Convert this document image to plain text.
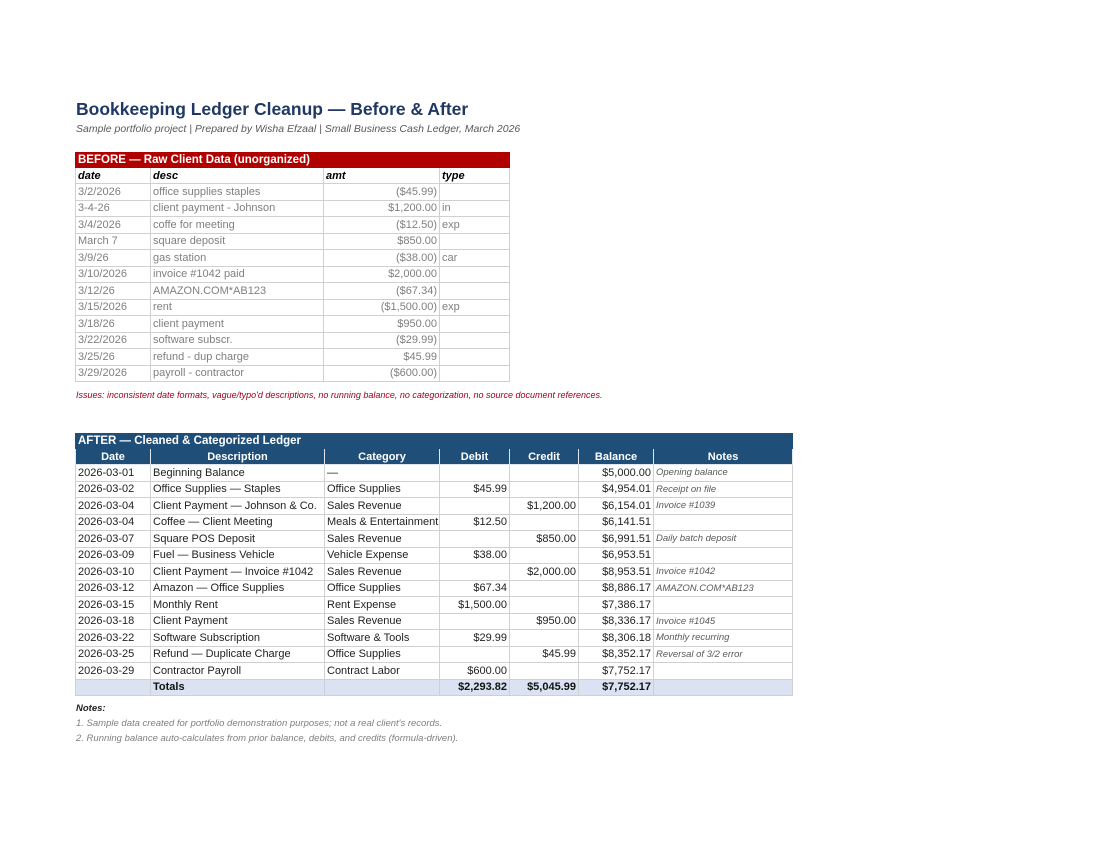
Bookkeeping Ledger Cleanup — Before & After
Sample portfolio project | Prepared by Wisha Efzaal | Small Business Cash Ledger, March 2026
BEFORE — Raw Client Data (unorganized)			
date	desc	amt	type
3/2/2026	office supplies staples	($45.99)	
3-4-26	client payment - Johnson	$1,200.00	in
3/4/2026	coffe for meeting	($12.50)	exp
March 7	square deposit	$850.00	
3/9/26	gas station	($38.00)	car
3/10/2026	invoice #1042 paid	$2,000.00	
3/12/26	AMAZON.COM*AB123	($67.34)	
3/15/2026	rent	($1,500.00)	exp
3/18/26	client payment	$950.00	
3/22/2026	software subscr.	($29.99)	
3/25/26	refund - dup charge	$45.99	
3/29/2026	payroll - contractor	($600.00)	
Issues: inconsistent date formats, vague/typo'd descriptions, no running balance, no categorization, no source document references.
AFTER — Cleaned & Categorized Ledger						
Date	Description	Category	Debit	Credit	Balance	Notes
2026-03-01	Beginning Balance	—			$5,000.00	Opening balance
2026-03-02	Office Supplies — Staples	Office Supplies	$45.99		$4,954.01	Receipt on file
2026-03-04	Client Payment — Johnson & Co.	Sales Revenue		$1,200.00	$6,154.01	Invoice #1039
2026-03-04	Coffee — Client Meeting	Meals & Entertainment	$12.50		$6,141.51	
2026-03-07	Square POS Deposit	Sales Revenue		$850.00	$6,991.51	Daily batch deposit
2026-03-09	Fuel — Business Vehicle	Vehicle Expense	$38.00		$6,953.51	
2026-03-10	Client Payment — Invoice #1042	Sales Revenue		$2,000.00	$8,953.51	Invoice #1042
2026-03-12	Amazon — Office Supplies	Office Supplies	$67.34		$8,886.17	AMAZON.COM*AB123
2026-03-15	Monthly Rent	Rent Expense	$1,500.00		$7,386.17	
2026-03-18	Client Payment	Sales Revenue		$950.00	$8,336.17	Invoice #1045
2026-03-22	Software Subscription	Software & Tools	$29.99		$8,306.18	Monthly recurring
2026-03-25	Refund — Duplicate Charge	Office Supplies		$45.99	$8,352.17	Reversal of 3/2 error
2026-03-29	Contractor Payroll	Contract Labor	$600.00		$7,752.17	
	Totals		$2,293.82	$5,045.99	$7,752.17	
Notes:
1. Sample data created for portfolio demonstration purposes; not a real client's records.
2. Running balance auto-calculates from prior balance, debits, and credits (formula-driven).
